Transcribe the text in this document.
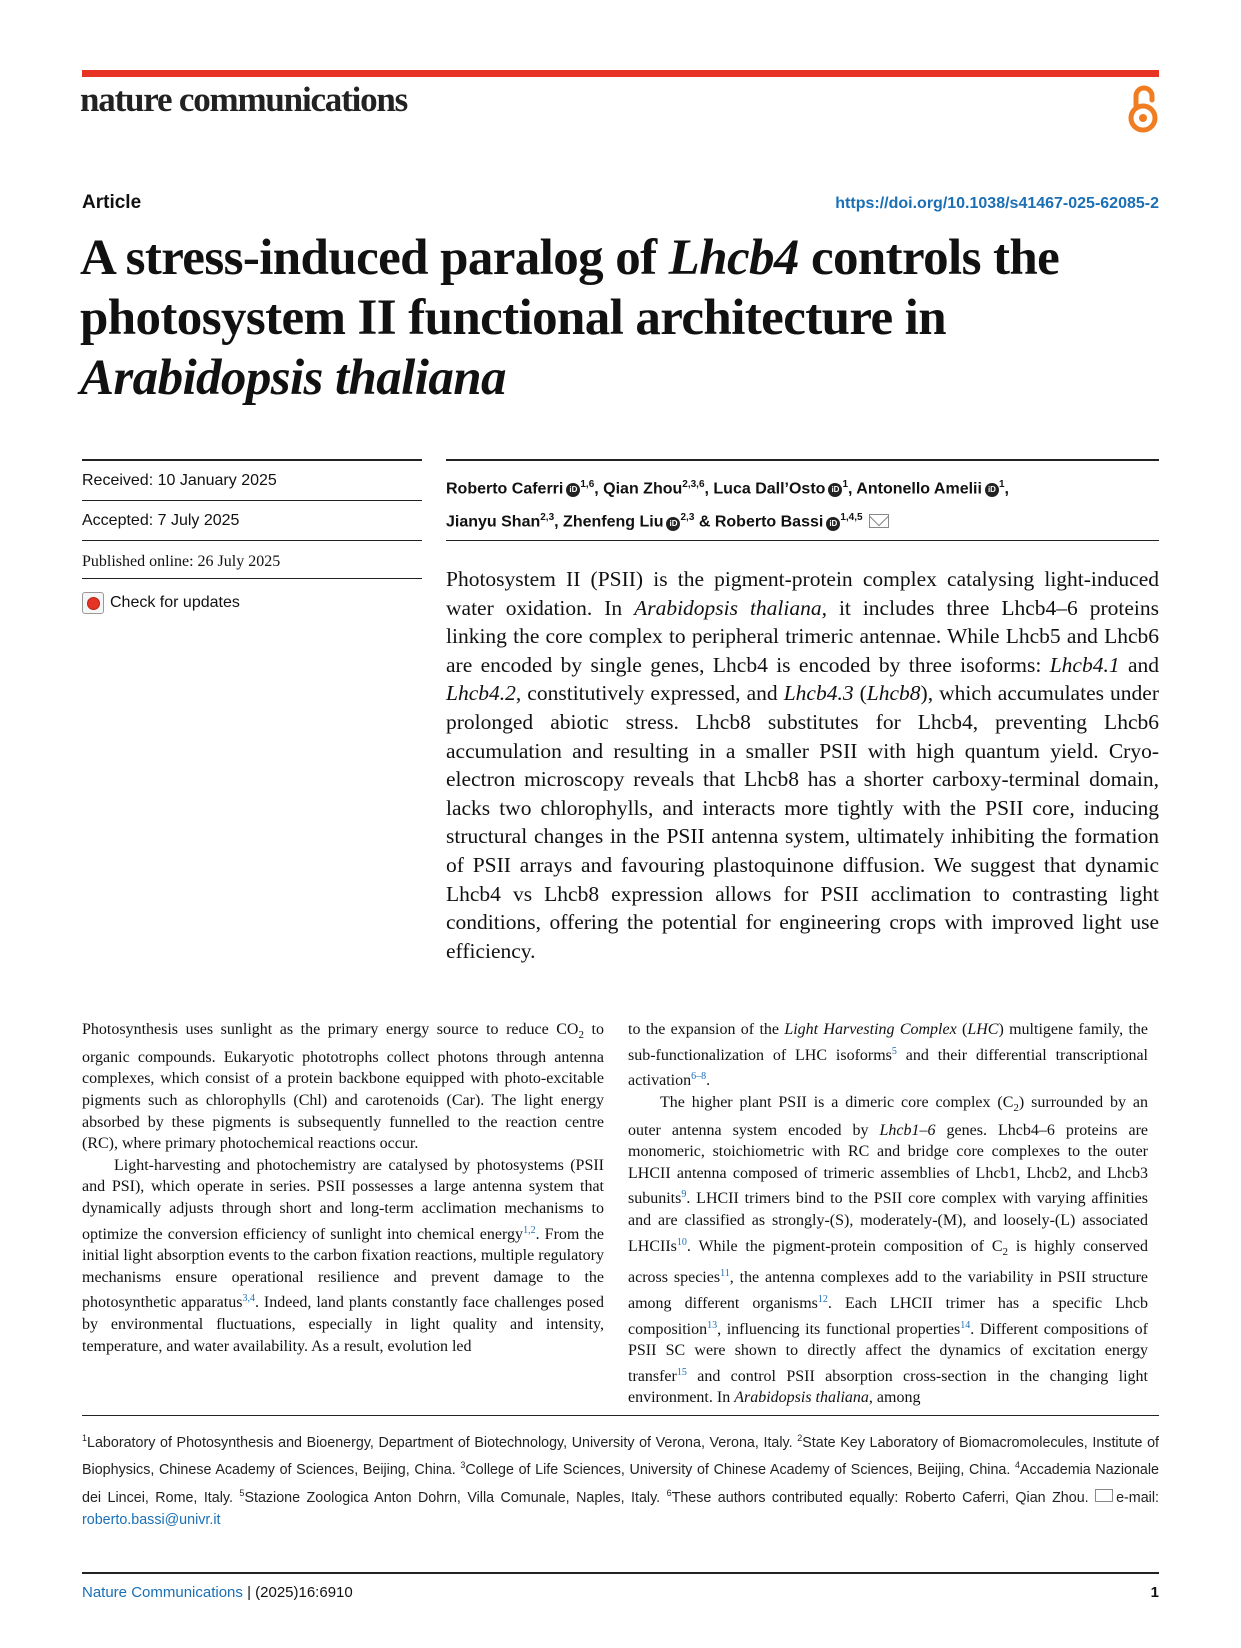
nature communications
Article	https://doi.org/10.1038/s41467-025-62085-2
A stress-induced paralog of Lhcb4 controls the photosystem II functional architecture in Arabidopsis thaliana
Received: 10 January 2025
Accepted: 7 July 2025
Published online: 26 July 2025
Check for updates
Roberto Caferri iD $^{1,6}$, Qian Zhou$^{2,3,6}$, Luca Dall’Osto iD $^1$, Antonello Amelii iD $^1$,
Jianyu Shan$^{2,3}$, Zhenfeng Liu iD $^{2,3}$ & Roberto Bassi iD $^{1,4,5}$
Photosystem II (PSII) is the pigment-protein complex catalysing light-induced water oxidation. In Arabidopsis thaliana, it includes three Lhcb4–6 proteins linking the core complex to peripheral trimeric antennae. While Lhcb5 and Lhcb6 are encoded by single genes, Lhcb4 is encoded by three isoforms: Lhcb4.1 and Lhcb4.2, constitutively expressed, and Lhcb4.3 (Lhcb8), which accumulates under prolonged abiotic stress. Lhcb8 substitutes for Lhcb4, preventing Lhcb6 accumulation and resulting in a smaller PSII with high quantum yield. Cryo-electron microscopy reveals that Lhcb8 has a shorter carboxy-terminal domain, lacks two chlorophylls, and interacts more tightly with the PSII core, inducing structural changes in the PSII antenna system, ultimately inhibiting the formation of PSII arrays and favouring plastoquinone diffusion. We suggest that dynamic Lhcb4 vs Lhcb8 expression allows for PSII acclimation to contrasting light conditions, offering the potential for engineering crops with improved light use efficiency.

Photosynthesis uses sunlight as the primary energy source to reduce $CO_2$ to organic compounds. Eukaryotic phototrophs collect photons through antenna complexes, which consist of a protein backbone equipped with photo-excitable pigments such as chlorophylls (Chl) and carotenoids (Car). The light energy absorbed by these pigments is subsequently funnelled to the reaction centre (RC), where primary photochemical reactions occur.

Light-harvesting and photochemistry are catalysed by photosystems (PSII and PSI), which operate in series. PSII possesses a large antenna system that dynamically adjusts through short and long-term acclimation mechanisms to optimize the conversion efficiency of sunlight into chemical energy$^{1,2}$. From the initial light absorption events to the carbon fixation reactions, multiple regulatory mechanisms ensure operational resilience and prevent damage to the photosynthetic apparatus$^{3,4}$. Indeed, land plants constantly face challenges posed by environmental fluctuations, especially in light quality and intensity, temperature, and water availability. As a result, evolution led

to the expansion of the Light Harvesting Complex (LHC) multigene family, the sub-functionalization of LHC isoforms$^5$ and their differential transcriptional activation$^{6-8}$.

The higher plant PSII is a dimeric core complex $(C_2)$ surrounded by an outer antenna system encoded by Lhcb1–6 genes. Lhcb4–6 proteins are monomeric, stoichiometric with RC and bridge core complexes to the outer LHCII antenna composed of trimeric assemblies of Lhcb1, Lhcb2, and Lhcb3 subunits$^9$. LHCII trimers bind to the PSII core complex with varying affinities and are classified as strongly-(S), moderately-(M), and loosely-(L) associated LHCIIs$^{10}$. While the pigment-protein composition of $C_2$ is highly conserved across species$^{11}$, the antenna complexes add to the variability in PSII structure among different organisms$^{12}$. Each LHCII trimer has a specific Lhcb composition$^{13}$, influencing its functional properties$^{14}$. Different compositions of PSII SC were shown to directly affect the dynamics of excitation energy transfer$^{15}$ and control PSII absorption cross-section in the changing light environment. In Arabidopsis thaliana, among

$^1$Laboratory of Photosynthesis and Bioenergy, Department of Biotechnology, University of Verona, Verona, Italy. $^2$State Key Laboratory of Biomacromolecules, Institute of Biophysics, Chinese Academy of Sciences, Beijing, China. $^3$College of Life Sciences, University of Chinese Academy of Sciences, Beijing, China. $^4$Accademia Nazionale dei Lincei, Rome, Italy. $^5$Stazione Zoologica Anton Dohrn, Villa Comunale, Naples, Italy. $^6$These authors contributed equally: Roberto Caferri, Qian Zhou. e-mail: roberto.bassi@univr.it
Nature Communications | (2025)16:6910	1
